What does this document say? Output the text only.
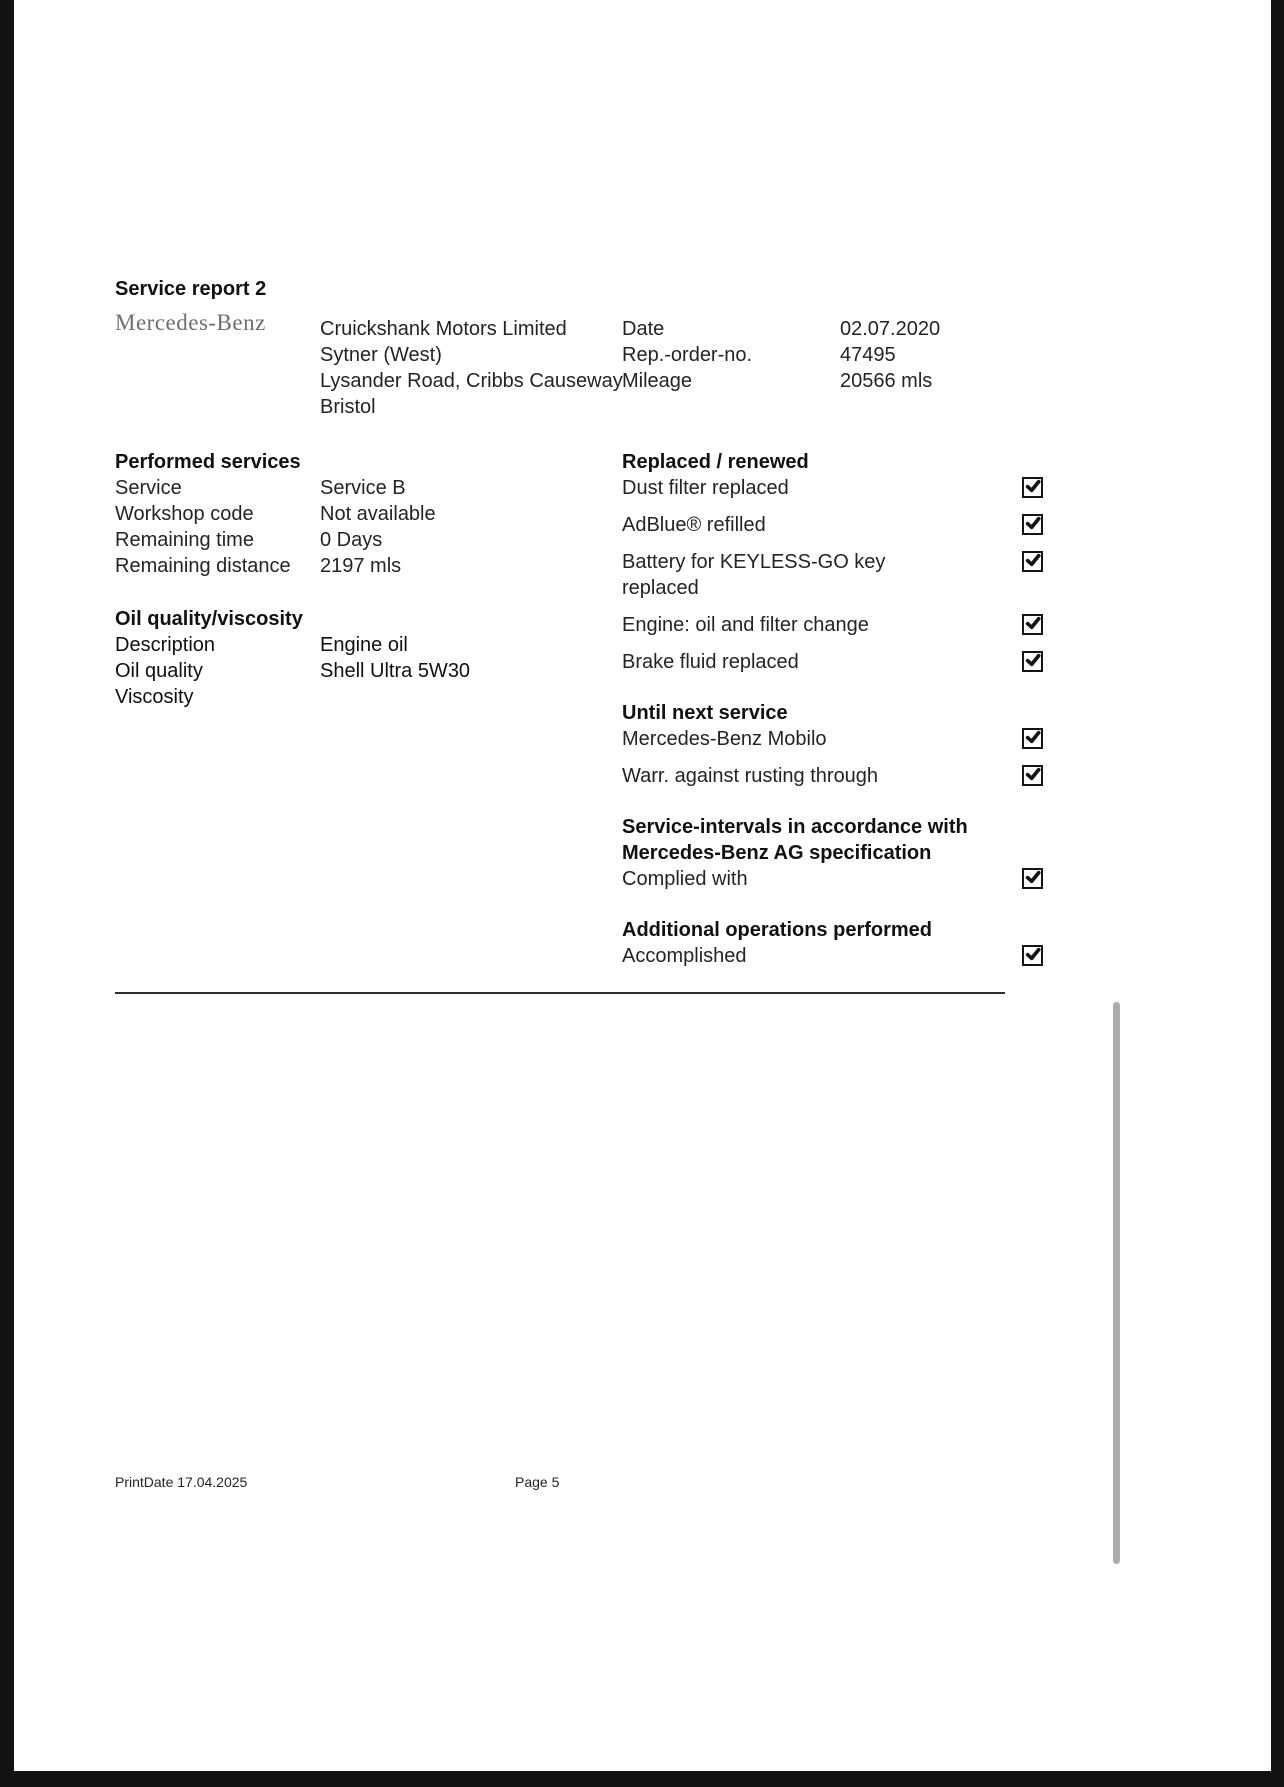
Service report 2
Mercedes-Benz	Cruickshank Motors Limited
Sytner (West)
Lysander Road, Cribbs Causeway
Bristol
Date	02.07.2020
Rep.-order-no.	47495
Mileage	20566 mls
Performed services
Service	Service B
Workshop code	Not available
Remaining time	0 Days
Remaining distance	2197 mls
Oil quality/viscosity
Description	Engine oil
Oil quality	Shell Ultra 5W30
Viscosity
Replaced / renewed
Dust filter replaced
AdBlue® refilled
Battery for KEYLESS-GO key replaced
Engine: oil and filter change
Brake fluid replaced
Until next service
Mercedes-Benz Mobilo
Warr. against rusting through
Service-intervals in accordance with Mercedes-Benz AG specification
Complied with
Additional operations performed
Accomplished
PrintDate 17.04.2025	Page 5
